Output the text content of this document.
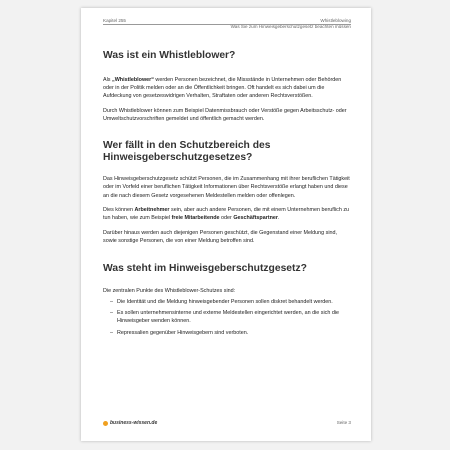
Kapitel 255	Whistleblowing
Was Sie zum Hinweisgeberschutzgesetz beachten müssen
Was ist ein Whistleblower?

Als „Whistleblower“ werden Personen bezeichnet, die Missstände in Unternehmen oder Behörden oder in der Politik melden oder an die Öffentlichkeit bringen. Oft handelt es sich dabei um die Aufdeckung von gesetzeswidrigen Verhalten, Straftaten oder anderen Rechtsverstößen.

Durch Whistleblower können zum Beispiel Datenmissbrauch oder Verstöße gegen Arbeitsschutz- oder Umweltschutzvorschriften gemeldet und öffentlich gemacht werden.

Wer fällt in den Schutzbereich des Hinweisgeberschutzgesetzes?

Das Hinweisgeberschutzgesetz schützt Personen, die im Zusammenhang mit ihrer beruflichen Tätigkeit oder im Vorfeld einer beruflichen Tätigkeit Informationen über Rechtsverstöße erlangt haben und diese an die nach diesem Gesetz vorgesehenen Meldestellen melden oder offenlegen.

Dies können Arbeitnehmer sein, aber auch andere Personen, die mit einem Unternehmen beruflich zu tun haben, wie zum Beispiel freie Mitarbeitende oder Geschäftspartner.

Darüber hinaus werden auch diejenigen Personen geschützt, die Gegenstand einer Meldung sind, sowie sonstige Personen, die von einer Meldung betroffen sind.

Was steht im Hinweisgeberschutzgesetz?

Die zentralen Punkte des Whistleblower-Schutzes sind:

– Die Identität und die Meldung hinweisgebender Personen sollen diskret behandelt werden.
– Es sollen unternehmensinterne und externe Meldestellen eingerichtet werden, an die sich die Hinweisgeber wenden können.
– Repressalien gegenüber Hinweisgebern sind verboten.
business-wissen.de	Seite 3
